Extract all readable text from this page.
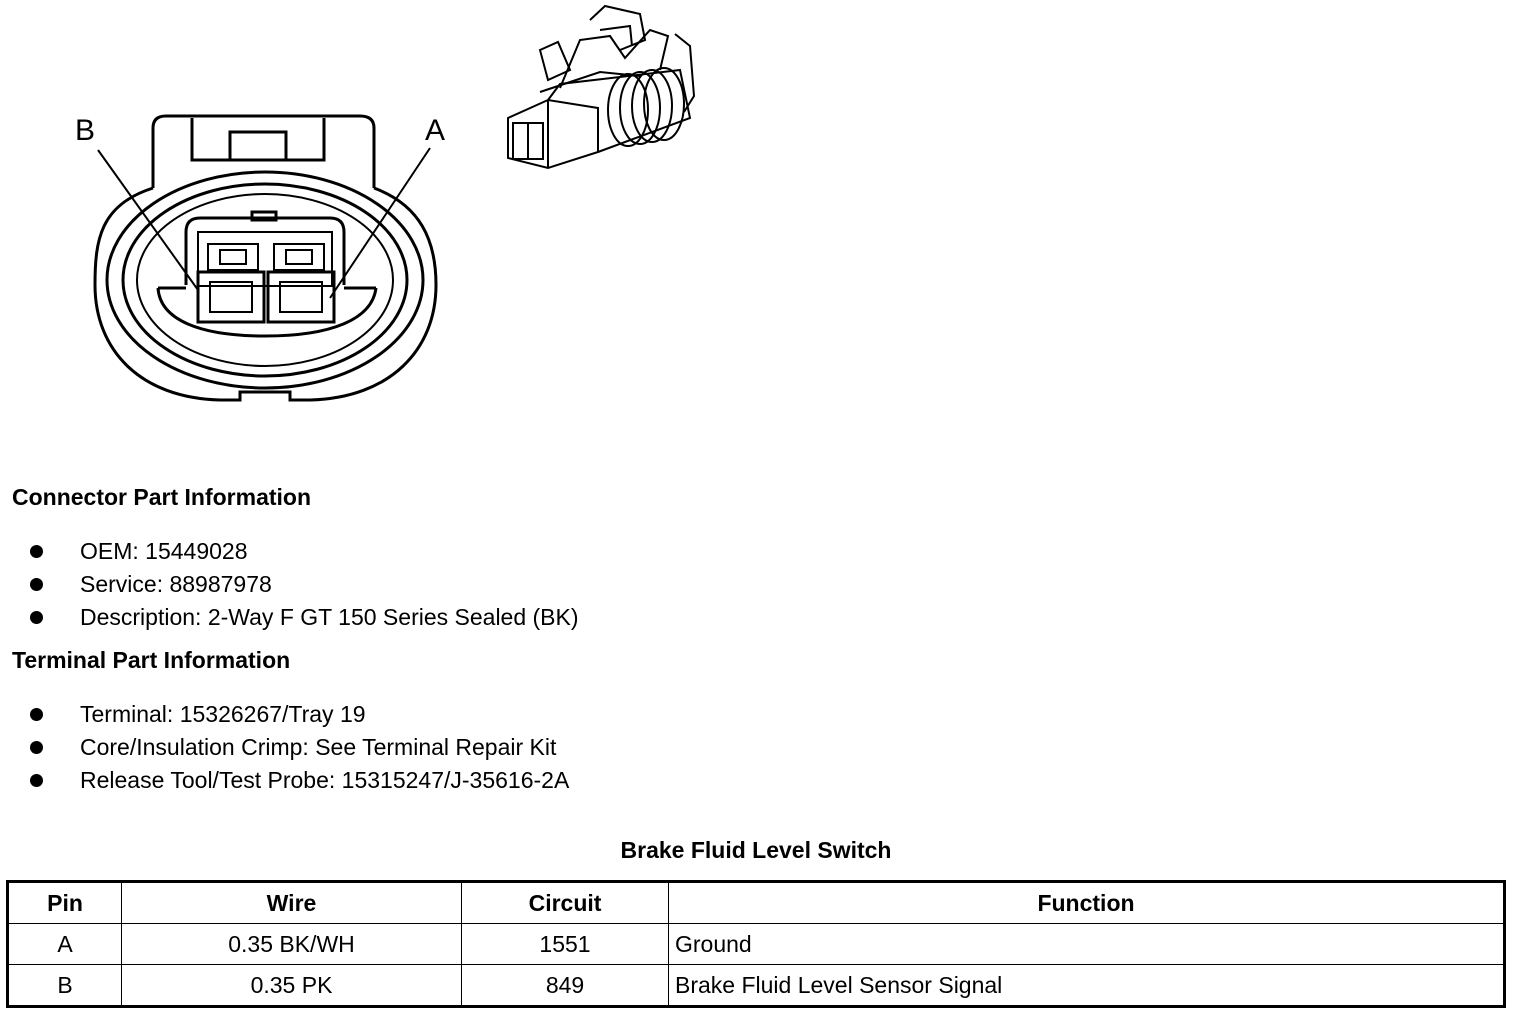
B	A
Connector Part Information
OEM: 15449028
Service: 88987978
Description: 2-Way F GT 150 Series Sealed (BK)
Terminal Part Information
Terminal: 15326267/Tray 19
Core/Insulation Crimp: See Terminal Repair Kit
Release Tool/Test Probe: 15315247/J-35616-2A
Brake Fluid Level Switch
Pin	Wire	Circuit	Function
A	0.35 BK/WH	1551	Ground
B	0.35 PK	849	Brake Fluid Level Sensor Signal
